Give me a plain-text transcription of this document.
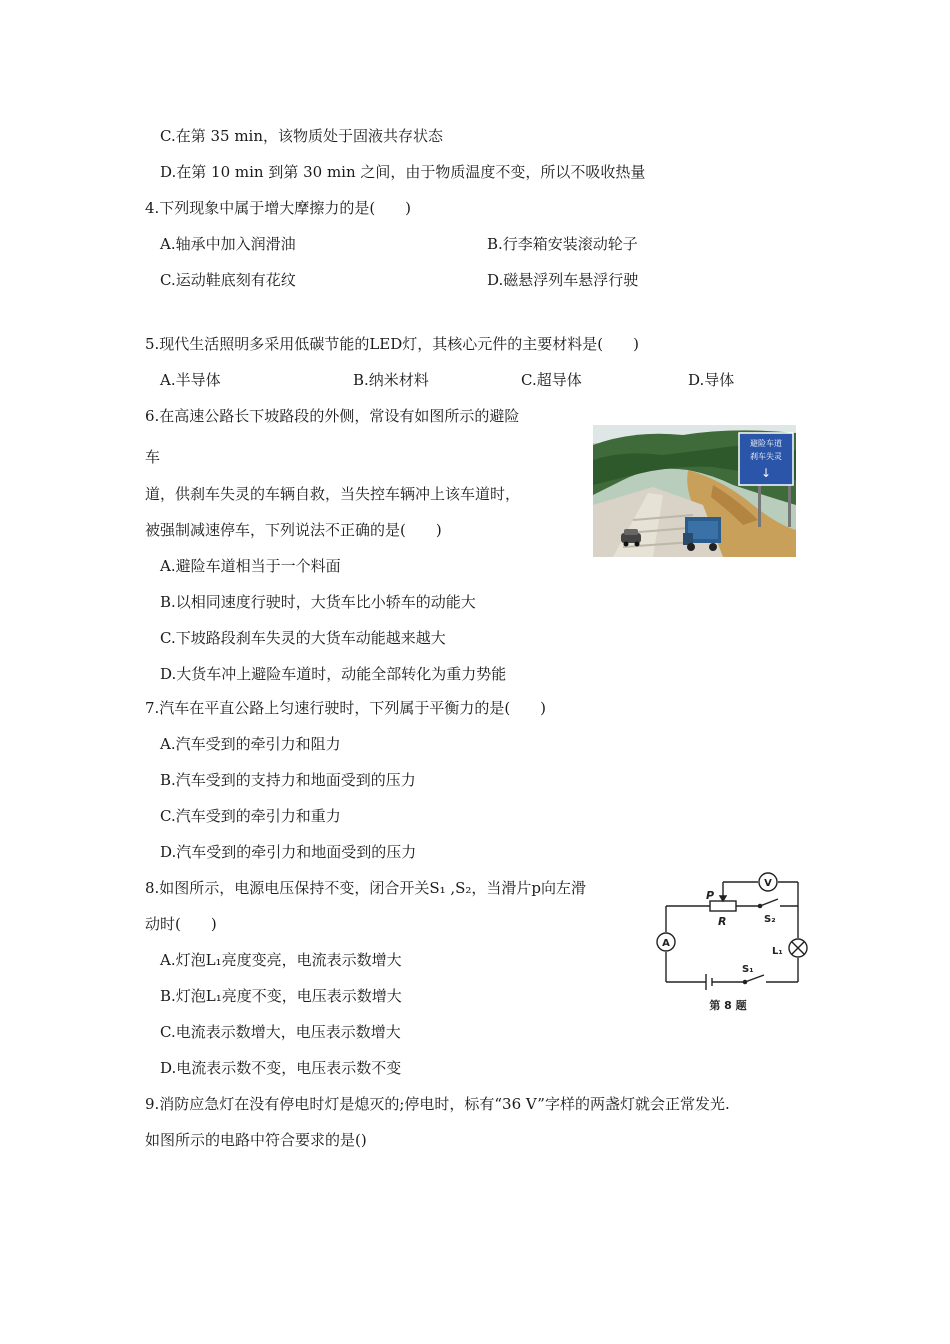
C.在第 35 min，该物质处于固液共存状态
D.在第 10 min 到第 30 min 之间，由于物质温度不变，所以不吸收热量
4.下列现象中属于增大摩擦力的是(　　)
A.轴承中加入润滑油	B.行李箱安装滚动轮子
C.运动鞋底刻有花纹	D.磁悬浮列车悬浮行驶
5.现代生活照明多采用低碳节能的LED灯，其核心元件的主要材料是(　　)
A.半导体	B.纳米材料	C.超导体	D.导体
6.在高速公路长下坡路段的外侧，常设有如图所示的避险
车
道，供刹车失灵的车辆自救，当失控车辆冲上该车道时，
被强制减速停车，下列说法不正确的是(　　)
A.避险车道相当于一个料面
B.以相同速度行驶时，大货车比小轿车的动能大
C.下坡路段刹车失灵的大货车动能越来越大
D.大货车冲上避险车道时，动能全部转化为重力势能
避险车道
刹车失灵
↓
7.汽车在平直公路上匀速行驶时，下列属于平衡力的是(　　)
A.汽车受到的牵引力和阻力
B.汽车受到的支持力和地面受到的压力
C.汽车受到的牵引力和重力
D.汽车受到的牵引力和地面受到的压力
8.如图所示，电源电压保持不变，闭合开关S₁ ,S₂，当滑片p向左滑
动时(　　)
A.灯泡L₁亮度变亮，电流表示数增大
B.灯泡L₁亮度不变，电压表示数增大
C.电流表示数增大，电压表示数增大
D.电流表示数不变，电压表示数不变
A
V
P
R	S₂
L₁
S₁
第 8 题
9.消防应急灯在没有停电时灯是熄灭的;停电时，标有“36 V”字样的两盏灯就会正常发光.
如图所示的电路中符合要求的是()
